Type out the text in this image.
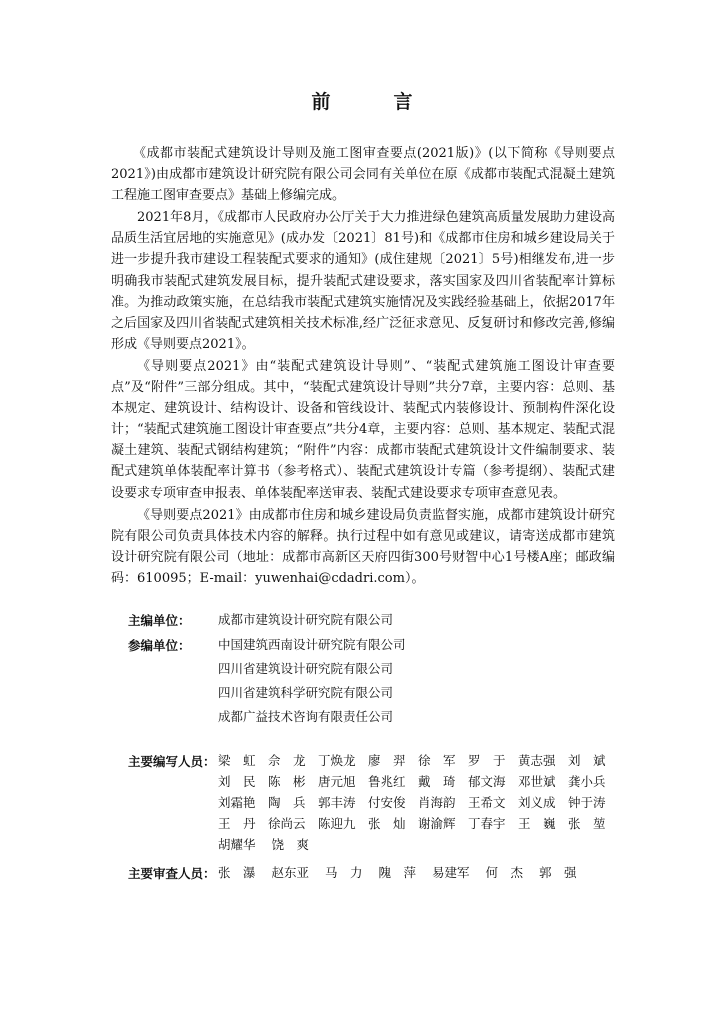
前　言

《成都市装配式建筑设计导则及施工图审查要点(2021版)》(以下简称《导则要点2021》)由成都市建筑设计研究院有限公司会同有关单位在原《成都市装配式混凝土建筑工程施工图审查要点》基础上修编完成。

2021年8月，《成都市人民政府办公厅关于大力推进绿色建筑高质量发展助力建设高品质生活宜居地的实施意见》(成办发〔2021〕81号)和《成都市住房和城乡建设局关于进一步提升我市建设工程装配式要求的通知》(成住建规〔2021〕5号)相继发布,进一步明确我市装配式建筑发展目标，提升装配式建设要求，落实国家及四川省装配率计算标准。为推动政策实施，在总结我市装配式建筑实施情况及实践经验基础上，依据2017年之后国家及四川省装配式建筑相关技术标准,经广泛征求意见、反复研讨和修改完善,修编形成《导则要点2021》。

《导则要点2021》由“装配式建筑设计导则”、“装配式建筑施工图设计审查要点”及“附件”三部分组成。其中，“装配式建筑设计导则”共分7章，主要内容：总则、基本规定、建筑设计、结构设计、设备和管线设计、装配式内装修设计、预制构件深化设计；“装配式建筑施工图设计审查要点”共分4章，主要内容：总则、基本规定、装配式混凝土建筑、装配式钢结构建筑；“附件”内容：成都市装配式建筑设计文件编制要求、装配式建筑单体装配率计算书（参考格式）、装配式建筑设计专篇（参考提纲）、装配式建设要求专项审查申报表、单体装配率送审表、装配式建设要求专项审查意见表。

《导则要点2021》由成都市住房和城乡建设局负责监督实施，成都市建筑设计研究院有限公司负责具体技术内容的解释。执行过程中如有意见或建议，请寄送成都市建筑设计研究院有限公司（地址：成都市高新区天府四街300号财智中心1号楼A座；邮政编码：610095；E-mail：yuwenhai@cdadri.com）。

主编单位： 成都市建筑设计研究院有限公司
参编单位： 中国建筑西南设计研究院有限公司
四川省建筑设计研究院有限公司
四川省建筑科学研究院有限公司
成都广益技术咨询有限责任公司
主要编写人员： 梁　虹 佘　龙 丁焕龙 廖　羿 徐　军 罗　于 黄志强 刘　斌
刘　民 陈　彬 唐元旭 鲁兆红 戴　琦 郁文海 邓世斌 龚小兵
刘霜艳 陶　兵 郭丰涛 付安俊 肖海韵 王希文 刘义成 钟于涛
王　丹 徐尚云 陈迎九 张　灿 谢渝辉 丁春宇 王　巍 张　堃
胡耀华	饶　爽
主要审查人员： 张　瀑	赵东亚	马　力	隗　萍	易建军	何　杰	郭　强
